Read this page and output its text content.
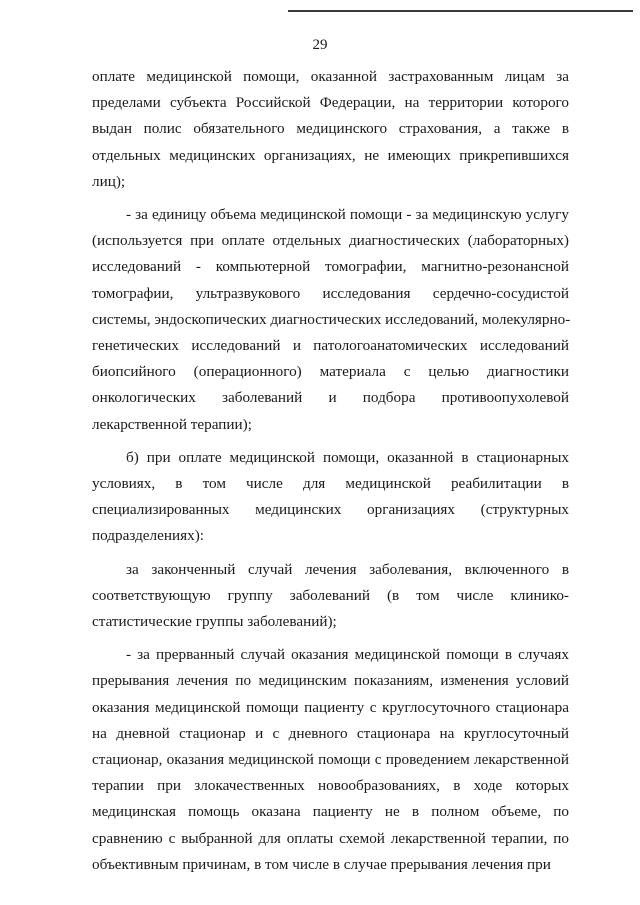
29
оплате медицинской помощи, оказанной застрахованным лицам за
пределами субъекта Российской Федерации, на территории которого
выдан полис обязательного медицинского страхования, а также в
отдельных медицинских организациях, не имеющих прикрепившихся
лиц);
- за единицу объема медицинской помощи - за медицинскую услугу
(используется при оплате отдельных диагностических (лабораторных)
исследований - компьютерной томографии, магнитно-резонансной
томографии, ультразвукового исследования сердечно-сосудистой
системы, эндоскопических диагностических исследований, молекулярно-
генетических исследований и патологоанатомических исследований
биопсийного (операционного) материала с целью диагностики
онкологических заболеваний и подбора противоопухолевой
лекарственной терапии);
б) при оплате медицинской помощи, оказанной в стационарных
условиях, в том числе для медицинской реабилитации в
специализированных медицинских организациях (структурных
подразделениях):
за законченный случай лечения заболевания, включенного в
соответствующую группу заболеваний (в том числе клинико-
статистические группы заболеваний);
- за прерванный случай оказания медицинской помощи в случаях
прерывания лечения по медицинским показаниям, изменения условий
оказания медицинской помощи пациенту с круглосуточного стационара
на дневной стационар и с дневного стационара на круглосуточный
стационар, оказания медицинской помощи с проведением лекарственной
терапии при злокачественных новообразованиях, в ходе которых
медицинская помощь оказана пациенту не в полном объеме, по
сравнению с выбранной для оплаты схемой лекарственной терапии, по
объективным причинам, в том числе в случае прерывания лечения при
